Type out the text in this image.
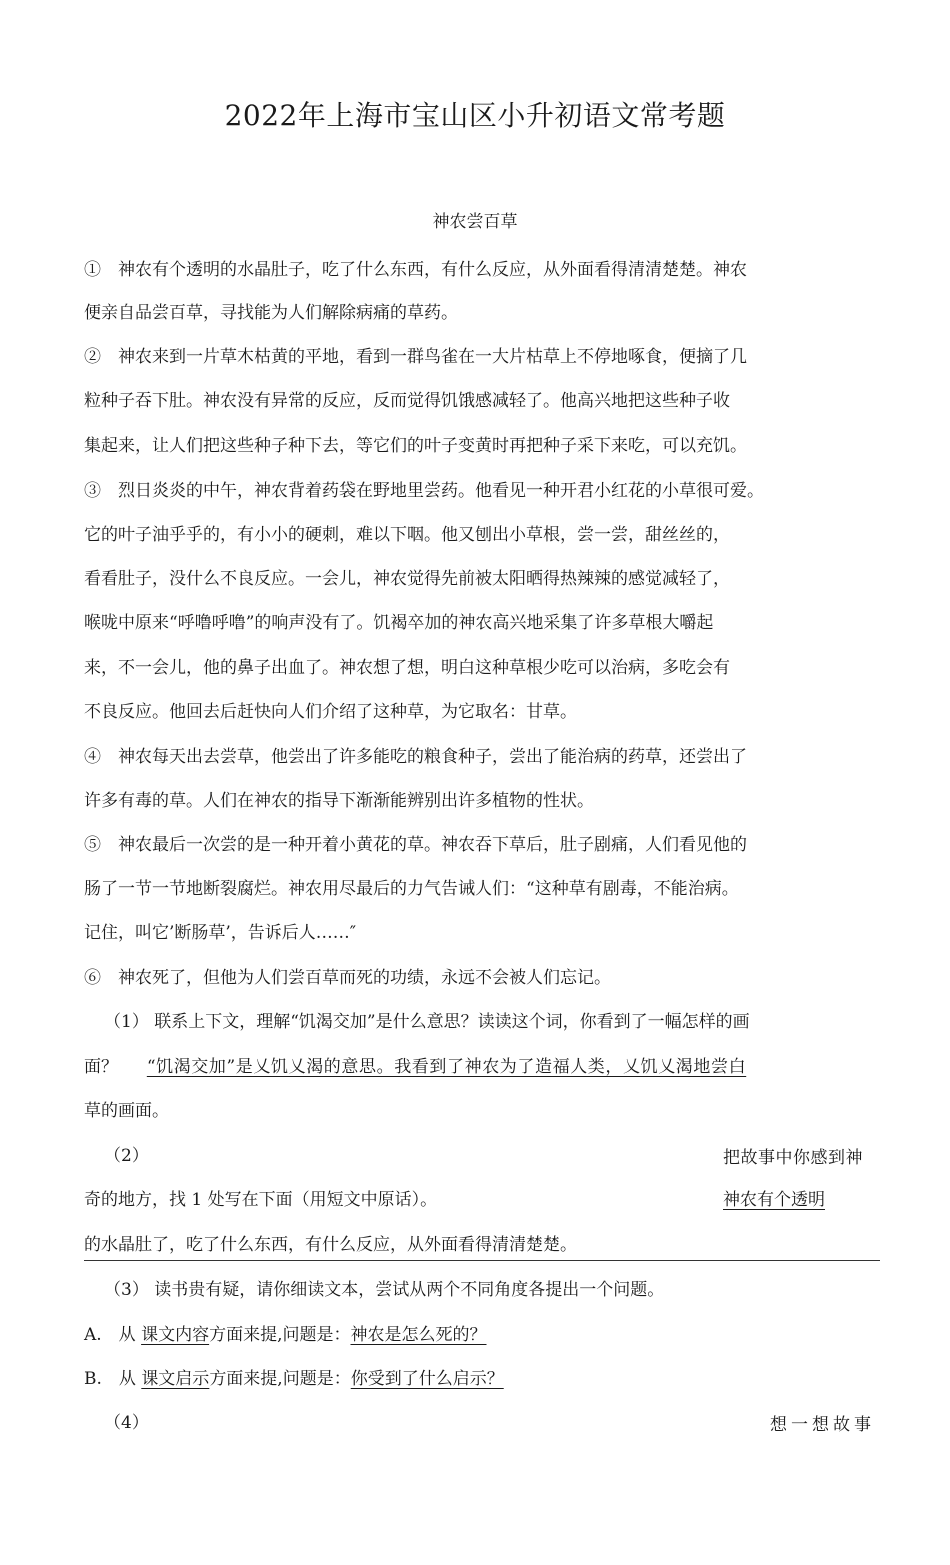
2022年上海市宝山区小升初语文常考题
神农尝百草
①　神农有个透明的水晶肚子，吃了什么东西，有什么反应，从外面看得清清楚楚。神农
便亲自品尝百草，寻找能为人们解除病痛的草药。
②　神农来到一片草木枯黄的平地，看到一群鸟雀在一大片枯草上不停地啄食，便摘了几
粒种子吞下肚。神农没有异常的反应，反而觉得饥饿感减轻了。他高兴地把这些种子收
集起来，让人们把这些种子种下去，等它们的叶子变黄时再把种子采下来吃，可以充饥。
③　烈日炎炎的中午，神农背着药袋在野地里尝药。他看见一种开君小红花的小草很可爱。
它的叶子油乎乎的，有小小的硬刺，难以下咽。他又刨出小草根，尝一尝，甜丝丝的，
看看肚子，没什么不良反应。一会儿，神农觉得先前被太阳晒得热辣辣的感觉减轻了，
喉咙中原来“呼噜呼噜”的响声没有了。饥褐卒加的神农高兴地采集了许多草根大嚼起
来，不一会儿，他的鼻子出血了。神农想了想，明白这种草根少吃可以治病，多吃会有
不良反应。他回去后赶快向人们介绍了这种草，为它取名：甘草。
④　神农每天出去尝草，他尝出了许多能吃的粮食种子，尝出了能治病的药草，还尝出了
许多有毒的草。人们在神农的指导下渐渐能辨别出许多植物的性状。
⑤　神农最后一次尝的是一种开着小黄花的草。神农吞下草后，肚子剧痛，人们看见他的
肠了一节一节地断裂腐烂。神农用尽最后的力气告诫人们：“这种草有剧毒，不能治病。
记住，叫它’断肠草’，告诉后人……″
⑥　神农死了，但他为人们尝百草而死的功绩，永远不会被人们忘记。
（1） 联系上下文，理解“饥渴交加”是什么意思？读读这个词，你看到了一幅怎样的画
面？ “饥渴交加”是乂饥乂渴的意思。我看到了神农为了造福人类，乂饥乂渴地尝白
草的画面。
（2）	把故事中你感到神
奇的地方，找 1 处写在下面（用短文中原话）。	神农有个透明
的水晶肚了，吃了什么东西，有什么反应，从外面看得清清楚楚。
（3） 读书贵有疑，请你细读文本，尝试从两个不同角度各提出一个问题。
A.　从 课文内容方面来提,问题是：神农是怎么死的？
B.　从 课文启示方面来提,问题是：你受到了什么启示？
（4）	想一想故事
